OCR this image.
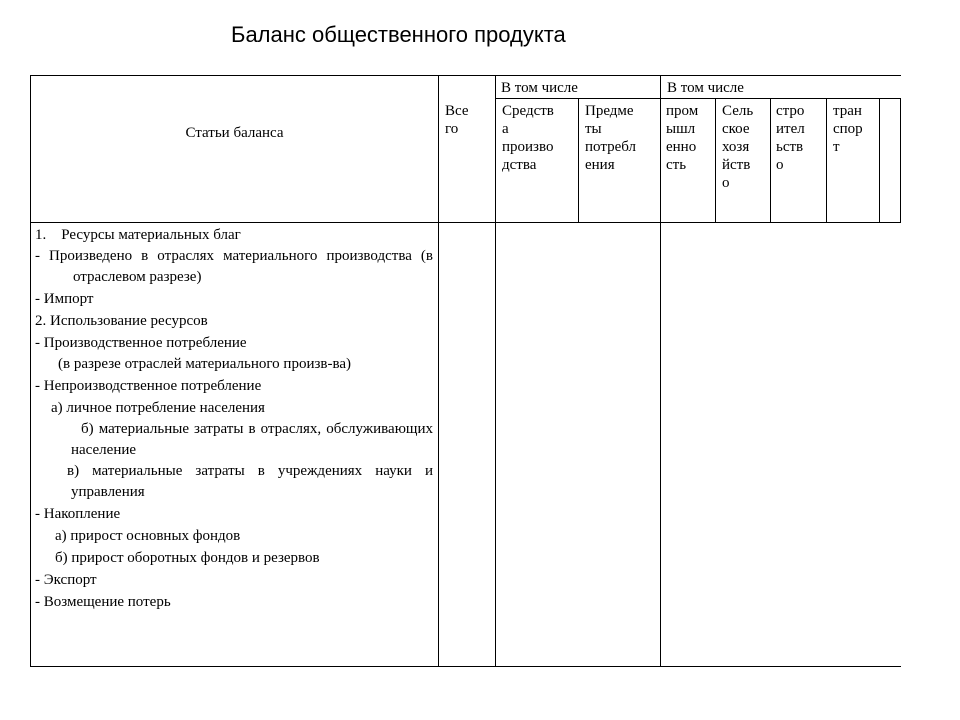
Баланс общественного продукта
Статьи баланса
Все
го
В том числе	В том числе
Средств
а
произво
дства
Предме
ты
потребл
ения
пром
ышл
енно
сть
Сель
ское
хозя
йств
о
стро
ител
ьств
о
тран
спор
т

1.    Ресурсы материальных благ

- Произведено в отраслях материального производства (в отраслевом разрезе)

- Импорт

2. Использование ресурсов

- Производственное потребление

(в разрезе отраслей материального произв-ва)

- Непроизводственное потребление

а) личное потребление населения

б) материальные затраты в отраслях, обслуживающих население

в) материальные затраты в учреждениях науки и управления

- Накопление

а) прирост основных фондов

б) прирост оборотных фондов и резервов

- Экспорт

- Возмещение потерь
